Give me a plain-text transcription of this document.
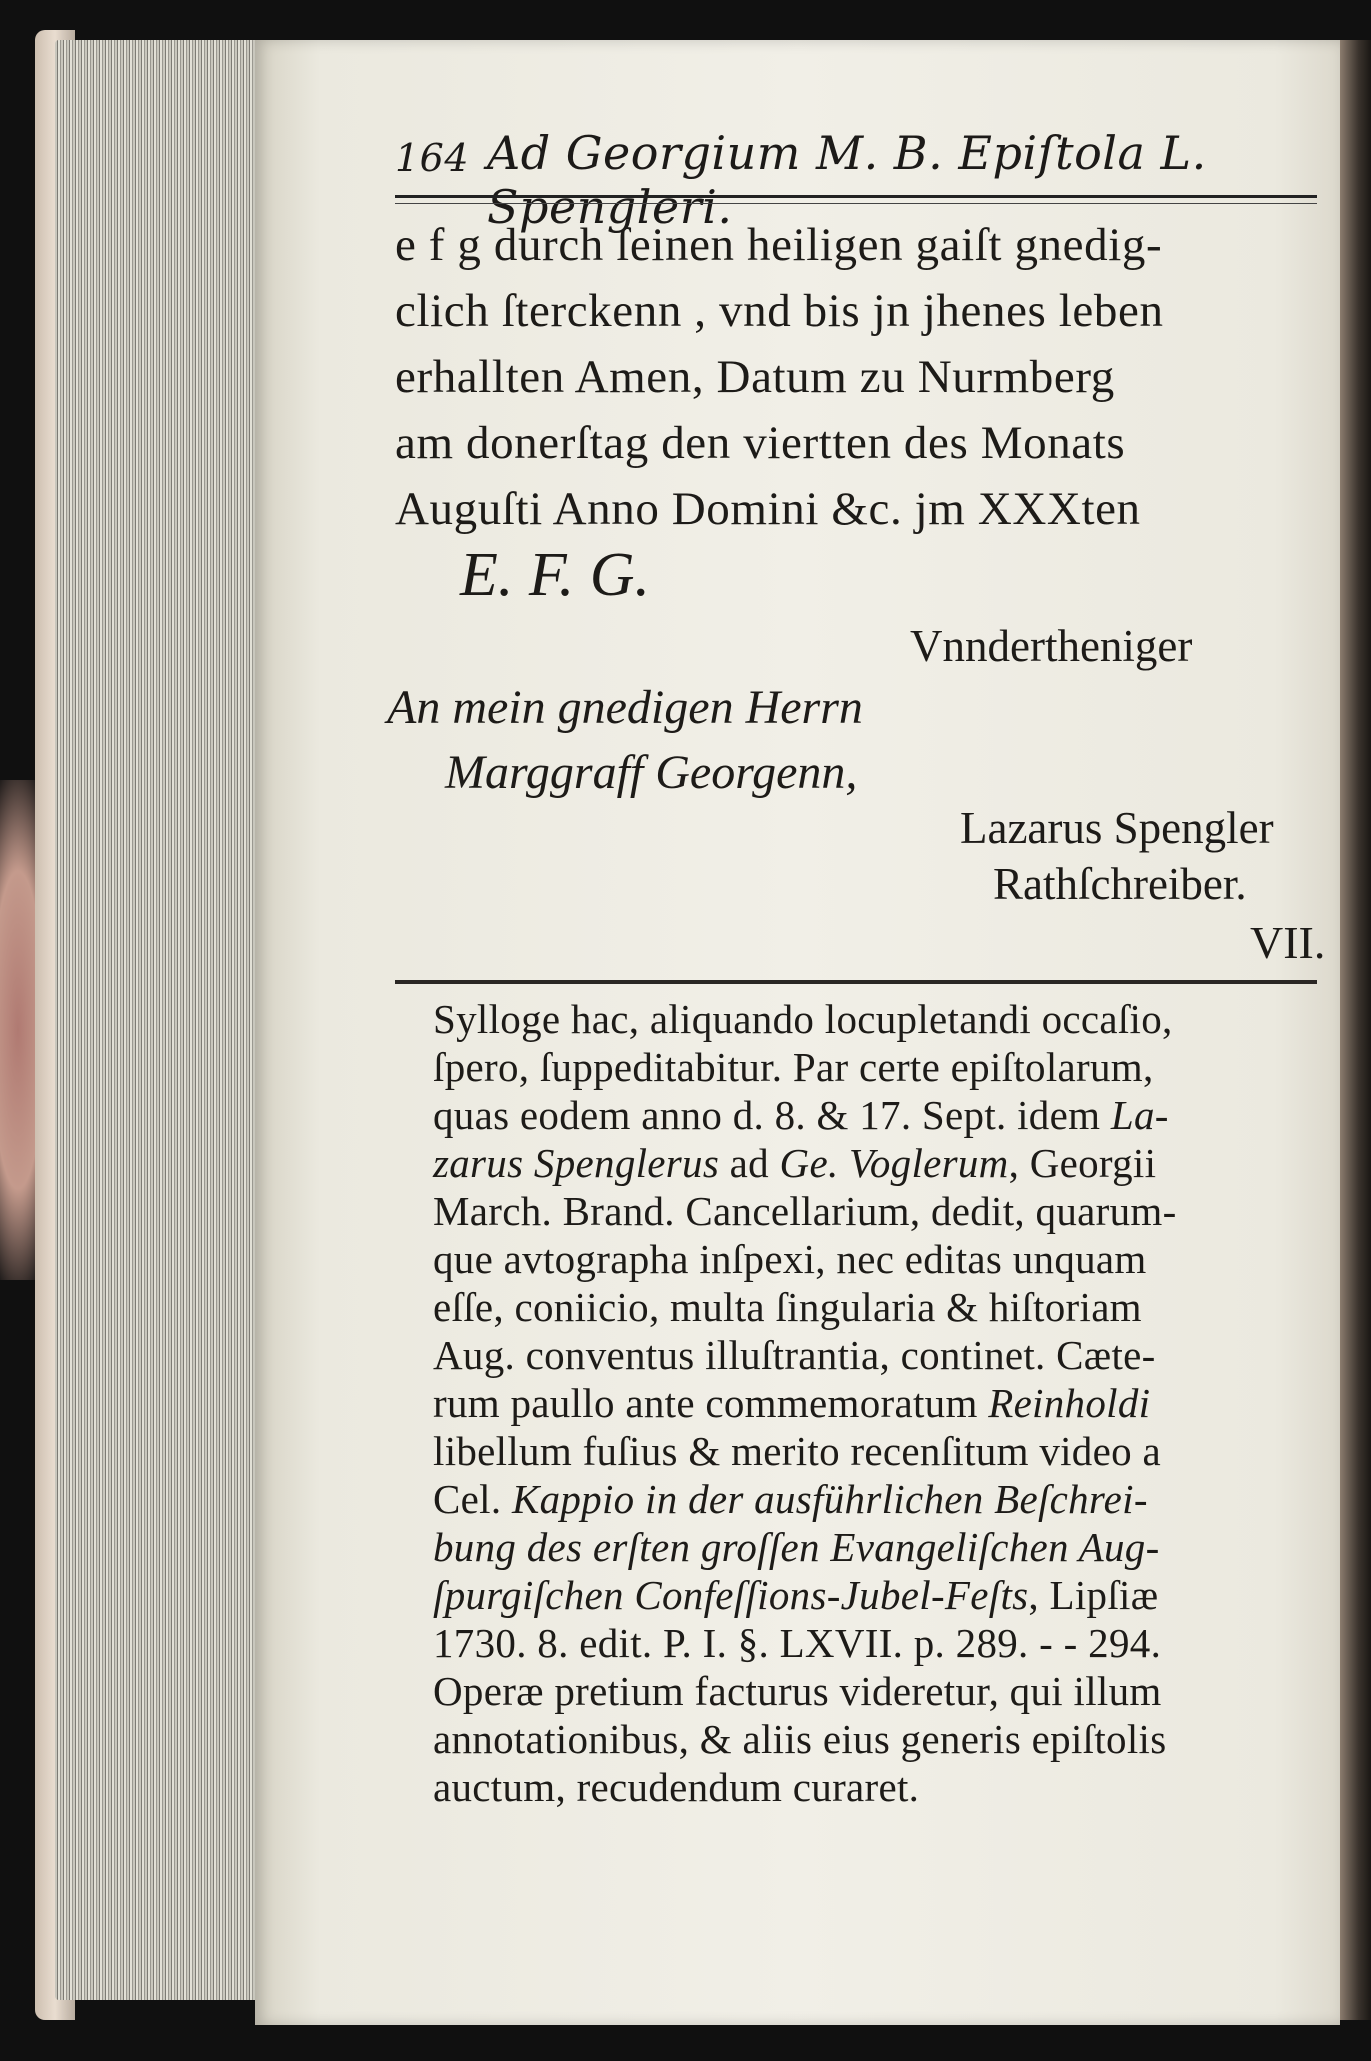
164 Ad Georgium M. B. Epiſtola L. Spengleri.
e f g durch ſeinen heiligen gaiſt gnedig-
clich ſterckenn , vnd bis jn jhenes leben
erhallten Amen, Datum zu Nurmberg
am donerſtag den viertten des Monats
Auguſti Anno Domini &c. jm XXXten
E. F. G.
Vnndertheniger
An mein gnedigen Herrn
Marggraff Georgenn,
Lazarus Spengler
Rathſchreiber.
VII.
Sylloge hac, aliquando locupletandi occaſio,
ſpero, ſuppeditabitur. Par certe epiſtolarum,
quas eodem anno d. 8. & 17. Sept. idem La-
zarus Spenglerus ad Ge. Voglerum, Georgii
March. Brand. Cancellarium, dedit, quarum-
que avtographa inſpexi, nec editas unquam
eſſe, coniicio, multa ſingularia & hiſtoriam
Aug. conventus illuſtrantia, continet. Cæte-
rum paullo ante commemoratum Reinholdi
libellum fuſius & merito recenſitum video a
Cel. Kappio in der ausführlichen Beſchrei-
bung des erſten groſſen Evangeliſchen Aug-
ſpurgiſchen Confeſſions-Jubel-Feſts, Lipſiæ
1730. 8. edit. P. I. §. LXVII. p. 289. - - 294.
Operæ pretium facturus videretur, qui illum
annotationibus, & aliis eius generis epiſtolis
auctum, recudendum curaret.
